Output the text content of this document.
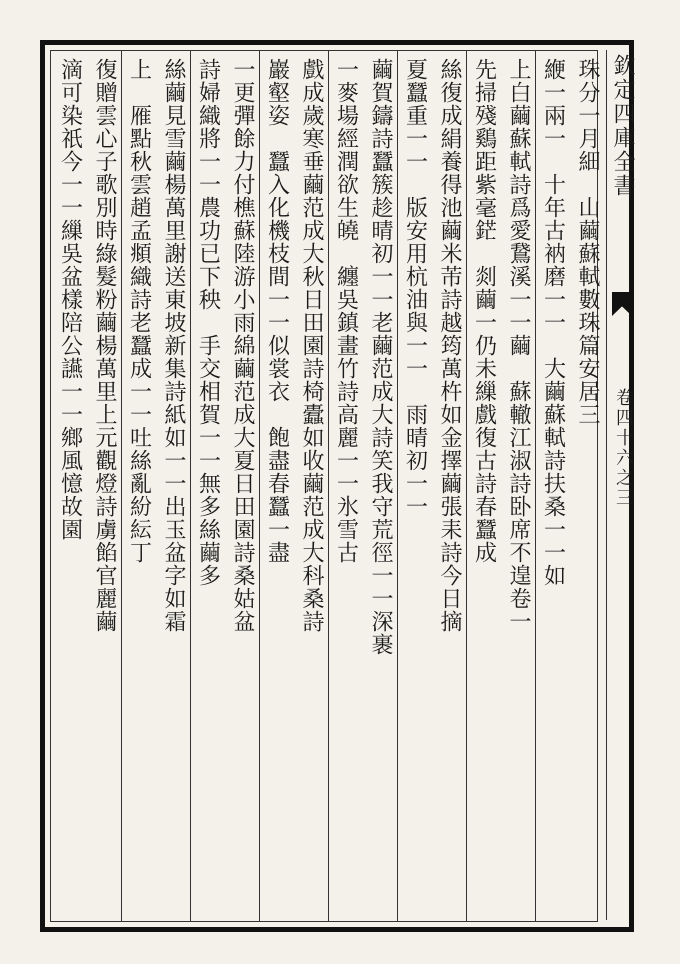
欽定四庫全書
卷四十六之三
珠分一月細　山繭蘇軾數珠篇安居三
緶一兩一　十年古衲磨一一　大繭蘇軾詩扶桑一一如
上白繭蘇軾詩爲愛鵞溪一一繭　蘇轍江淑詩卧席不遑卷一
先掃殘鷄距紫毫鋩　剡繭一仍未繅戲復古詩春蠶成
絲復成絹養得池繭米芾詩越筠萬杵如金擇繭張耒詩今日摘
夏蠶重一一　版安用杭油與一一　雨晴初一一
繭賀鑄詩蠶簇趁晴初一一老繭范成大詩笑我守荒徑一一深裹
一麥場經潤欲生皢　纏吳鎮畫竹詩高麗一一氷雪古
戲成歲寒垂繭范成大秋日田園詩椅蠹如收繭范成大科桑詩
巖壑姿　蠶入化機枝間一一似裳衣　飽盡春蠶一盡
一更彈餘力付樵蘇陸游小雨綿繭范成大夏日田園詩桑姑盆
詩婦織將一一農功已下秧　手交相賀一一無多絲繭多
絲繭見雪繭楊萬里謝送東坡新集詩紙如一一出玉盆字如霜
上　雁點秋雲趙孟頫織詩老蠶成一一吐絲亂紛紜丁
復贈雲心子歌別時綠髮粉繭楊萬里上元觀燈詩虜餡官麗繭
滴可染祇今一一繅吳盆樣陪公讌一一鄉風憶故園
